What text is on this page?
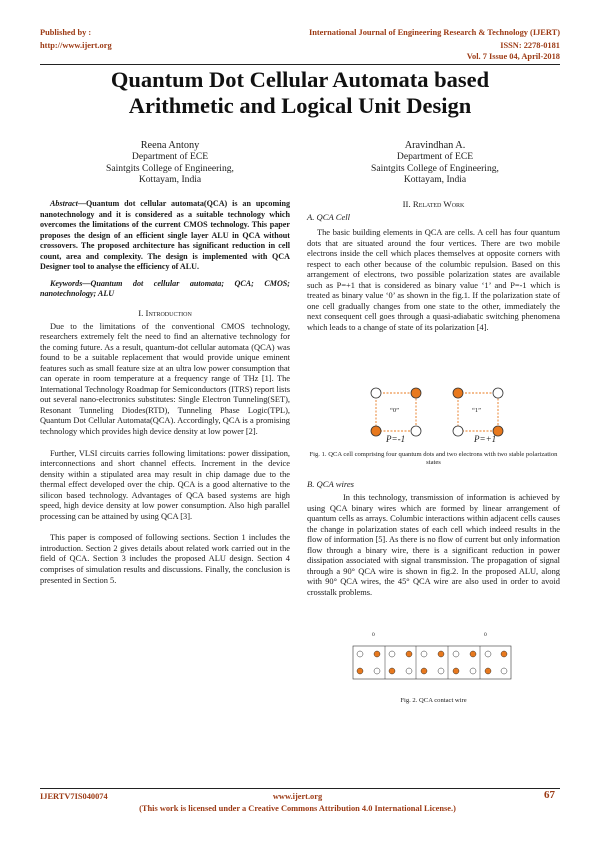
Published by :
http://www.ijert.org
International Journal of Engineering Research & Technology (IJERT)
ISSN: 2278-0181
Vol. 7 Issue 04, April-2018
Quantum Dot Cellular Automata based
Arithmetic and Logical Unit Design
Reena Antony
Department of ECE
Saintgits College of Engineering,
Kottayam, India
Aravindhan A.
Department of ECE
Saintgits College of Engineering,
Kottayam, India
Abstract—Quantum dot cellular automata(QCA) is an upcoming nanotechnology and it is considered as a suitable technology which overcomes the limitations of the current CMOS technology. This paper proposes the design of an efficient single layer ALU in QCA without crossovers. The proposed architecture has significant reduction in cell count, area and complexity. The design is implemented with QCA Designer tool to analyse the efficiency of ALU.
Keywords—Quantum dot cellular automata; QCA; CMOS; nanotechnology; ALU
I. Introduction

Due to the limitations of the conventional CMOS technology, researchers extremely felt the need to find an alternative technology for the coming future. As a result, quantum-dot cellular automata (QCA) was found to be a suitable replacement that would provide unique eminent features such as small feature size at an ultra low power consumption that can operate in room temperature at a frequency range of THz [1]. The International Technology Roadmap for Semiconductors (ITRS) report lists out several nano-electronics substitutes: Single Electron Tunneling(SET), Resonant Tunneling Diodes(RTD), Tunneling Phase Logic(TPL), Quantum Dot Cellular Automata(QCA). Accordingly, QCA is a promising technology which provides high device density at low power [2].

Further, VLSI circuits carries following limitations: power dissipation, interconnections and short channel effects. Increment in the device density within a stipulated area may result in chip damage due to the thermal effect developed over the chip. QCA is a good alternative to the silicon based technology. Advantages of QCA based systems are high speed, high device density at low power consumption. Also high parallel processing can be attained by using QCA [3].

This paper is composed of following sections. Section 1 includes the introduction. Section 2 gives details about related work carried out in the field of QCA. Section 3 includes the proposed ALU design. Section 4 comprises of simulation results and discussions. Finally, the conclusion is presented in Section 5.

II. Related Work
A. QCA Cell

The basic building elements in QCA are cells. A cell has four quantum dots that are situated around the four vertices. There are two mobile electrons inside the cell which places themselves at opposite corners with respect to each other because of the columbic repulsion. Based on this arrangement of electrons, two possible polarization states are available such as P=+1 that is considered as binary value ‘1’ and P=-1 which is treated as binary value ‘0’ as shown in the fig.1. If the polarization state of one cell gradually changes from one state to the other, immediately the next consequent cell goes through a quasi-adiabatic switching phenomena which leads to a change of state of its polarization [4].

“0”	“1”
P=-1	P=+1
Fig. 1. QCA cell comprising four quantum dots and two electrons with two stable polarization states
B. QCA wires

In this technology, transmission of information is achieved by using QCA binary wires which are formed by linear arrangement of quantum cells as arrays. Columbic interactions within adjacent cells causes the change in polarization states of each cell which indeed results in the flow of information [5]. As there is no flow of current but only information flow through a binary wire, there is a significant reduction in power dissipation associated with signal transmission. The propagation of signal through a 90° QCA wire is shown in fig.2. In the proposed ALU, along with 90° QCA wires, the 45° QCA wire are also used in order to avoid crosstalk problems.

0	0
Fig. 2. QCA contact wire
IJERTV7IS040074	www.ijert.org	67
(This work is licensed under a Creative Commons Attribution 4.0 International License.)
